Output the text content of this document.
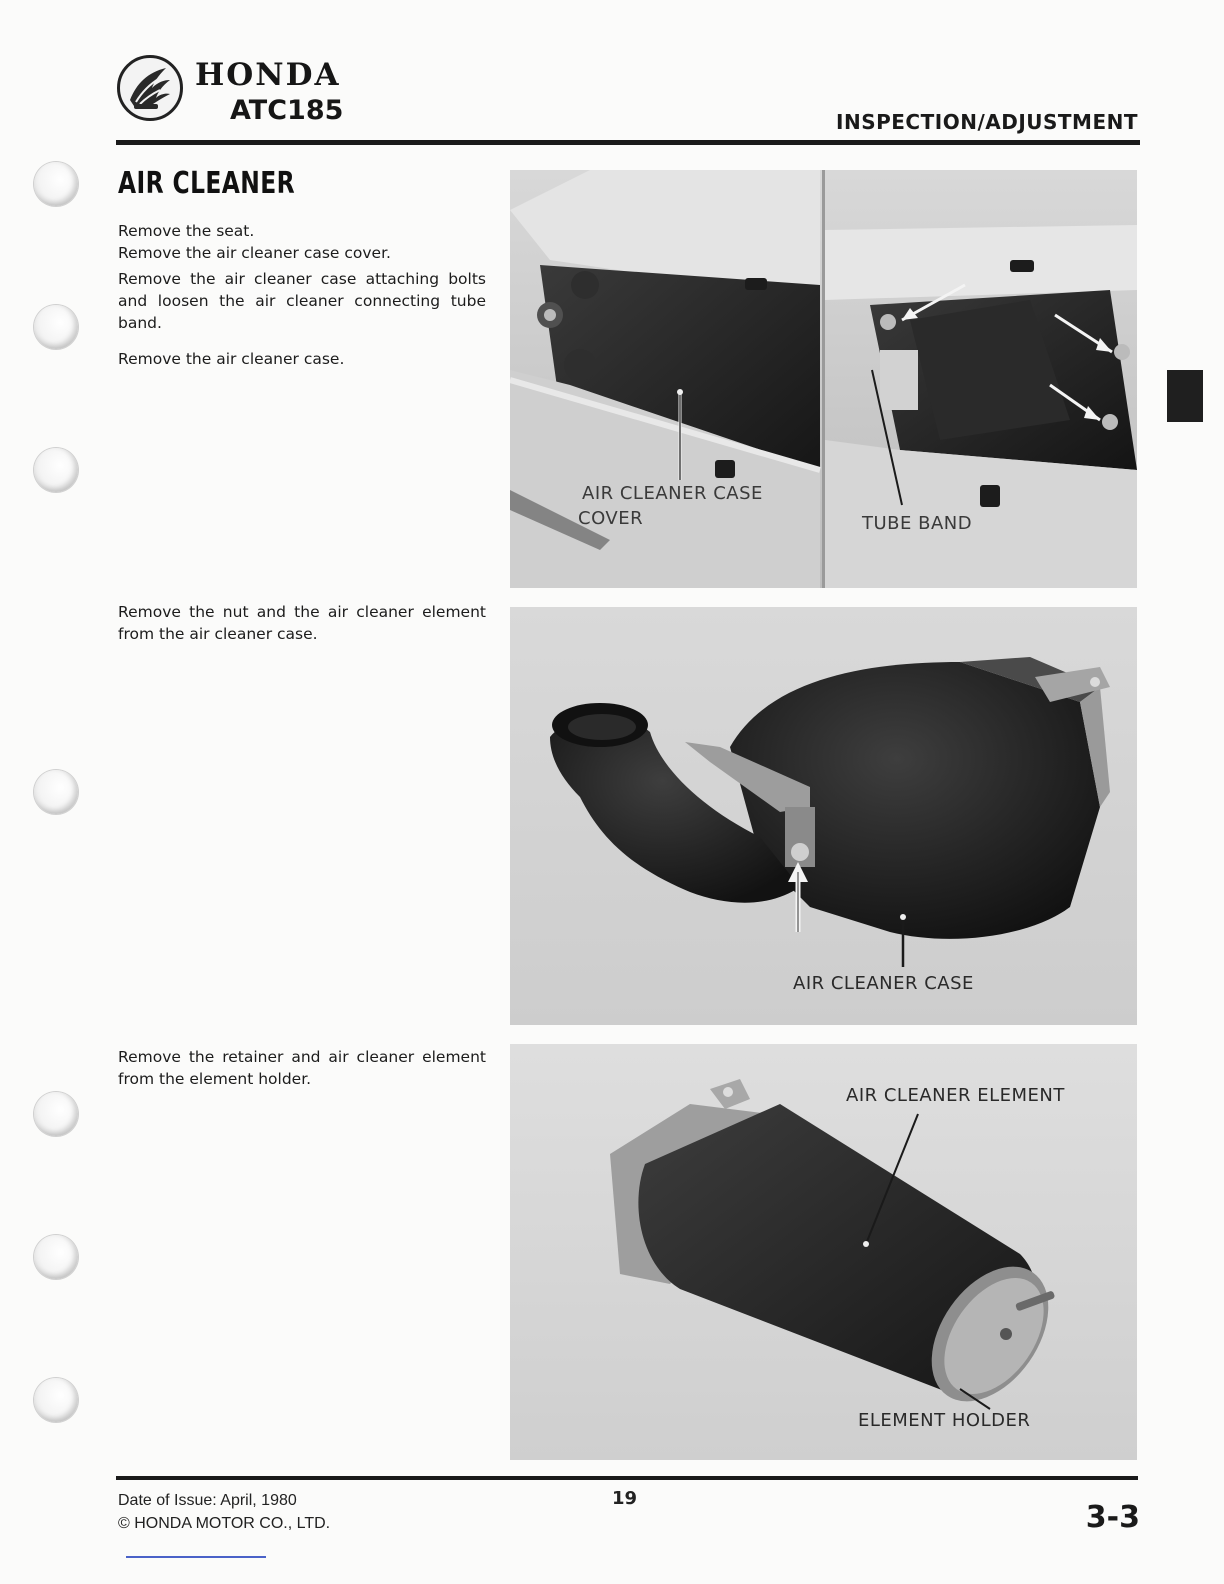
HONDA
ATC185	INSPECTION/ADJUSTMENT
AIR CLEANER

Remove the seat.

Remove the air cleaner case cover.

Remove the air cleaner case attaching bolts and loosen the air cleaner connecting tube band.

Remove the air cleaner case.

Remove the nut and the air cleaner element from the air cleaner case.

Remove the retainer and air cleaner element from the element holder.

AIR CLEANER CASE
COVER	TUBE BAND
AIR CLEANER CASE
AIR CLEANER ELEMENT
ELEMENT HOLDER
Date of Issue: April, 1980
© HONDA MOTOR CO., LTD.
19
3-3
